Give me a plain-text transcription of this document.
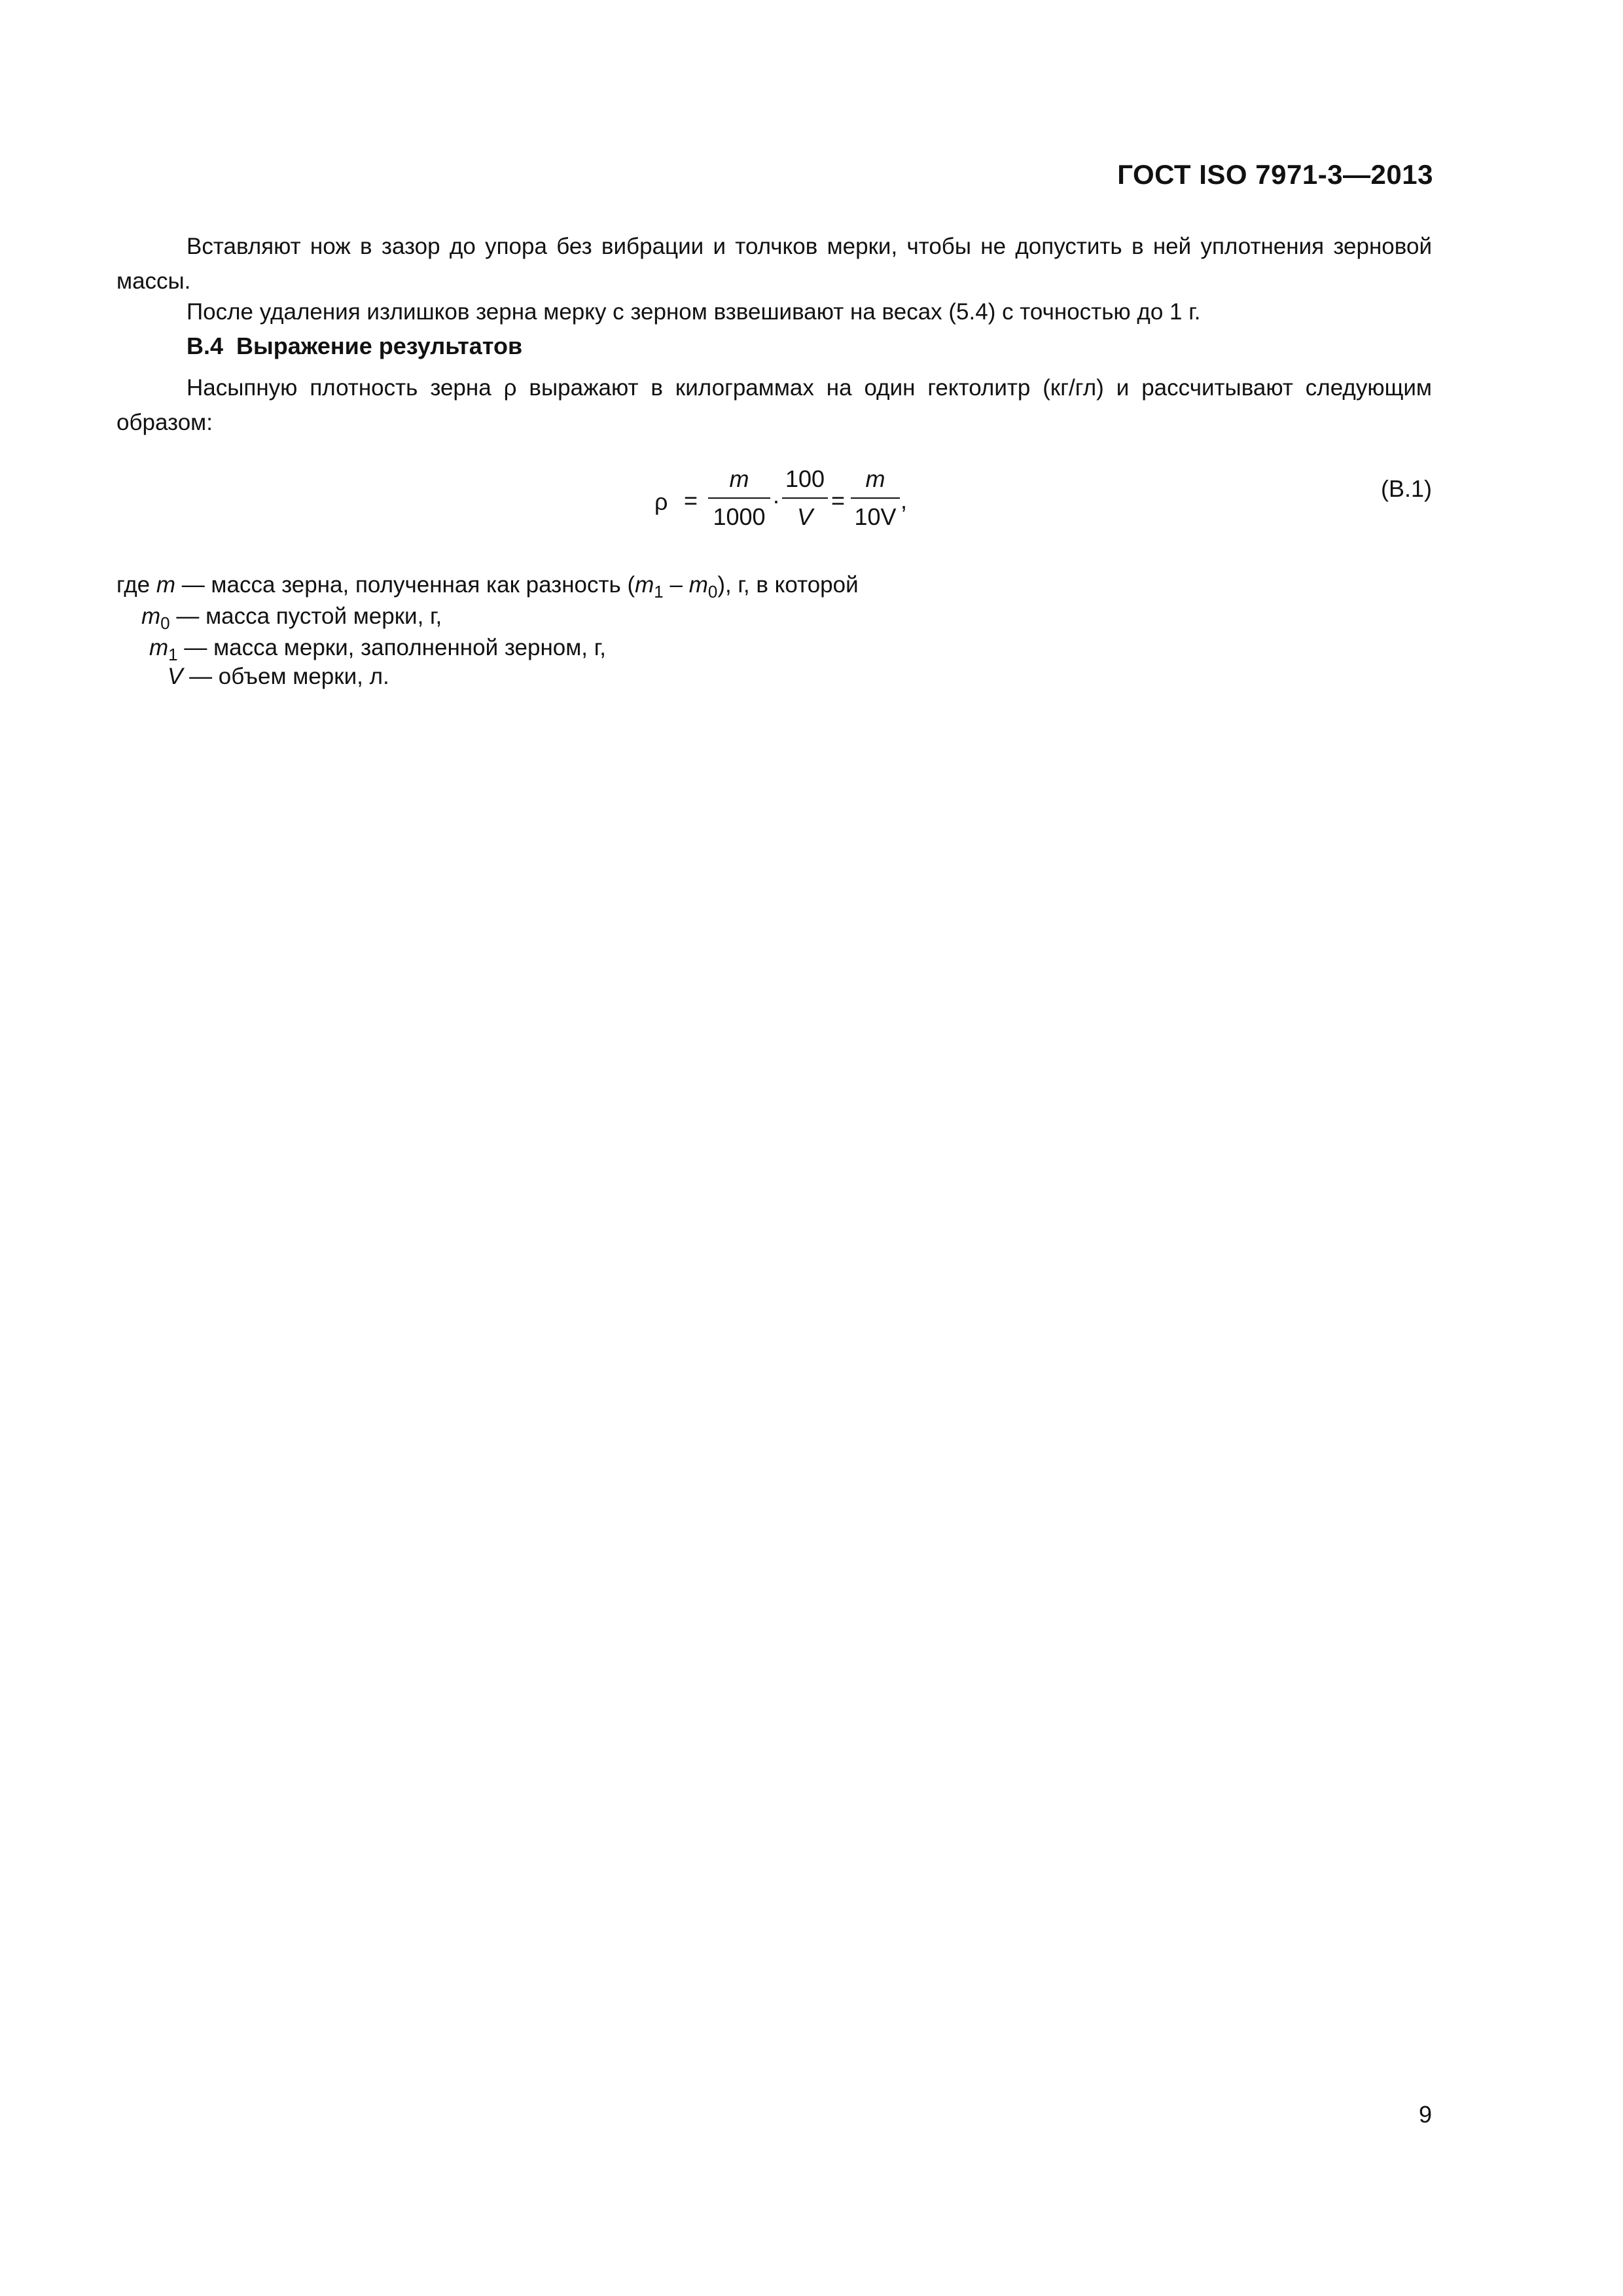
ГОСТ ISO 7971-3—2013

Вставляют нож в зазор до упора без вибрации и толчков мерки, чтобы не допустить в ней уплотнения зерновой массы.

После удаления излишков зерна мерку с зерном взвешивают на весах (5.4) с точностью до 1 г.

В.4 Выражение результатов

Насыпную плотность зерна ρ выражают в килограммах на один гектолитр (кг/гл) и рассчитывают следующим образом:

ρ =
m
1000
·
100
V
=
m
10V
,	(В.1)
где m — масса зерна, полученная как разность $(m_1 - m_0)$, г, в которой
$m_0$ — масса пустой мерки, г,
$m_1$ — масса мерки, заполненной зерном, г,
V — объем мерки, л.
9
